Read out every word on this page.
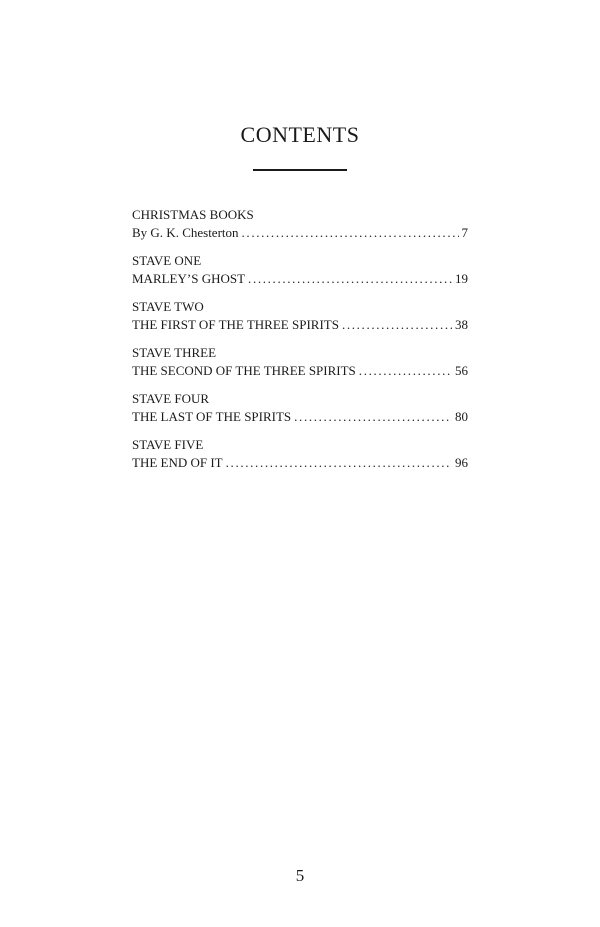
CONTENTS
CHRISTMAS BOOKS
By G. K. Chesterton . . .	7
STAVE ONE
MARLEY’S GHOST . . .	19
STAVE TWO
THE FIRST OF THE THREE SPIRITS . . .	38
STAVE THREE
THE SECOND OF THE THREE SPIRITS . . .	56
STAVE FOUR
THE LAST OF THE SPIRITS . . .	80
STAVE FIVE
THE END OF IT . . .	96
5
